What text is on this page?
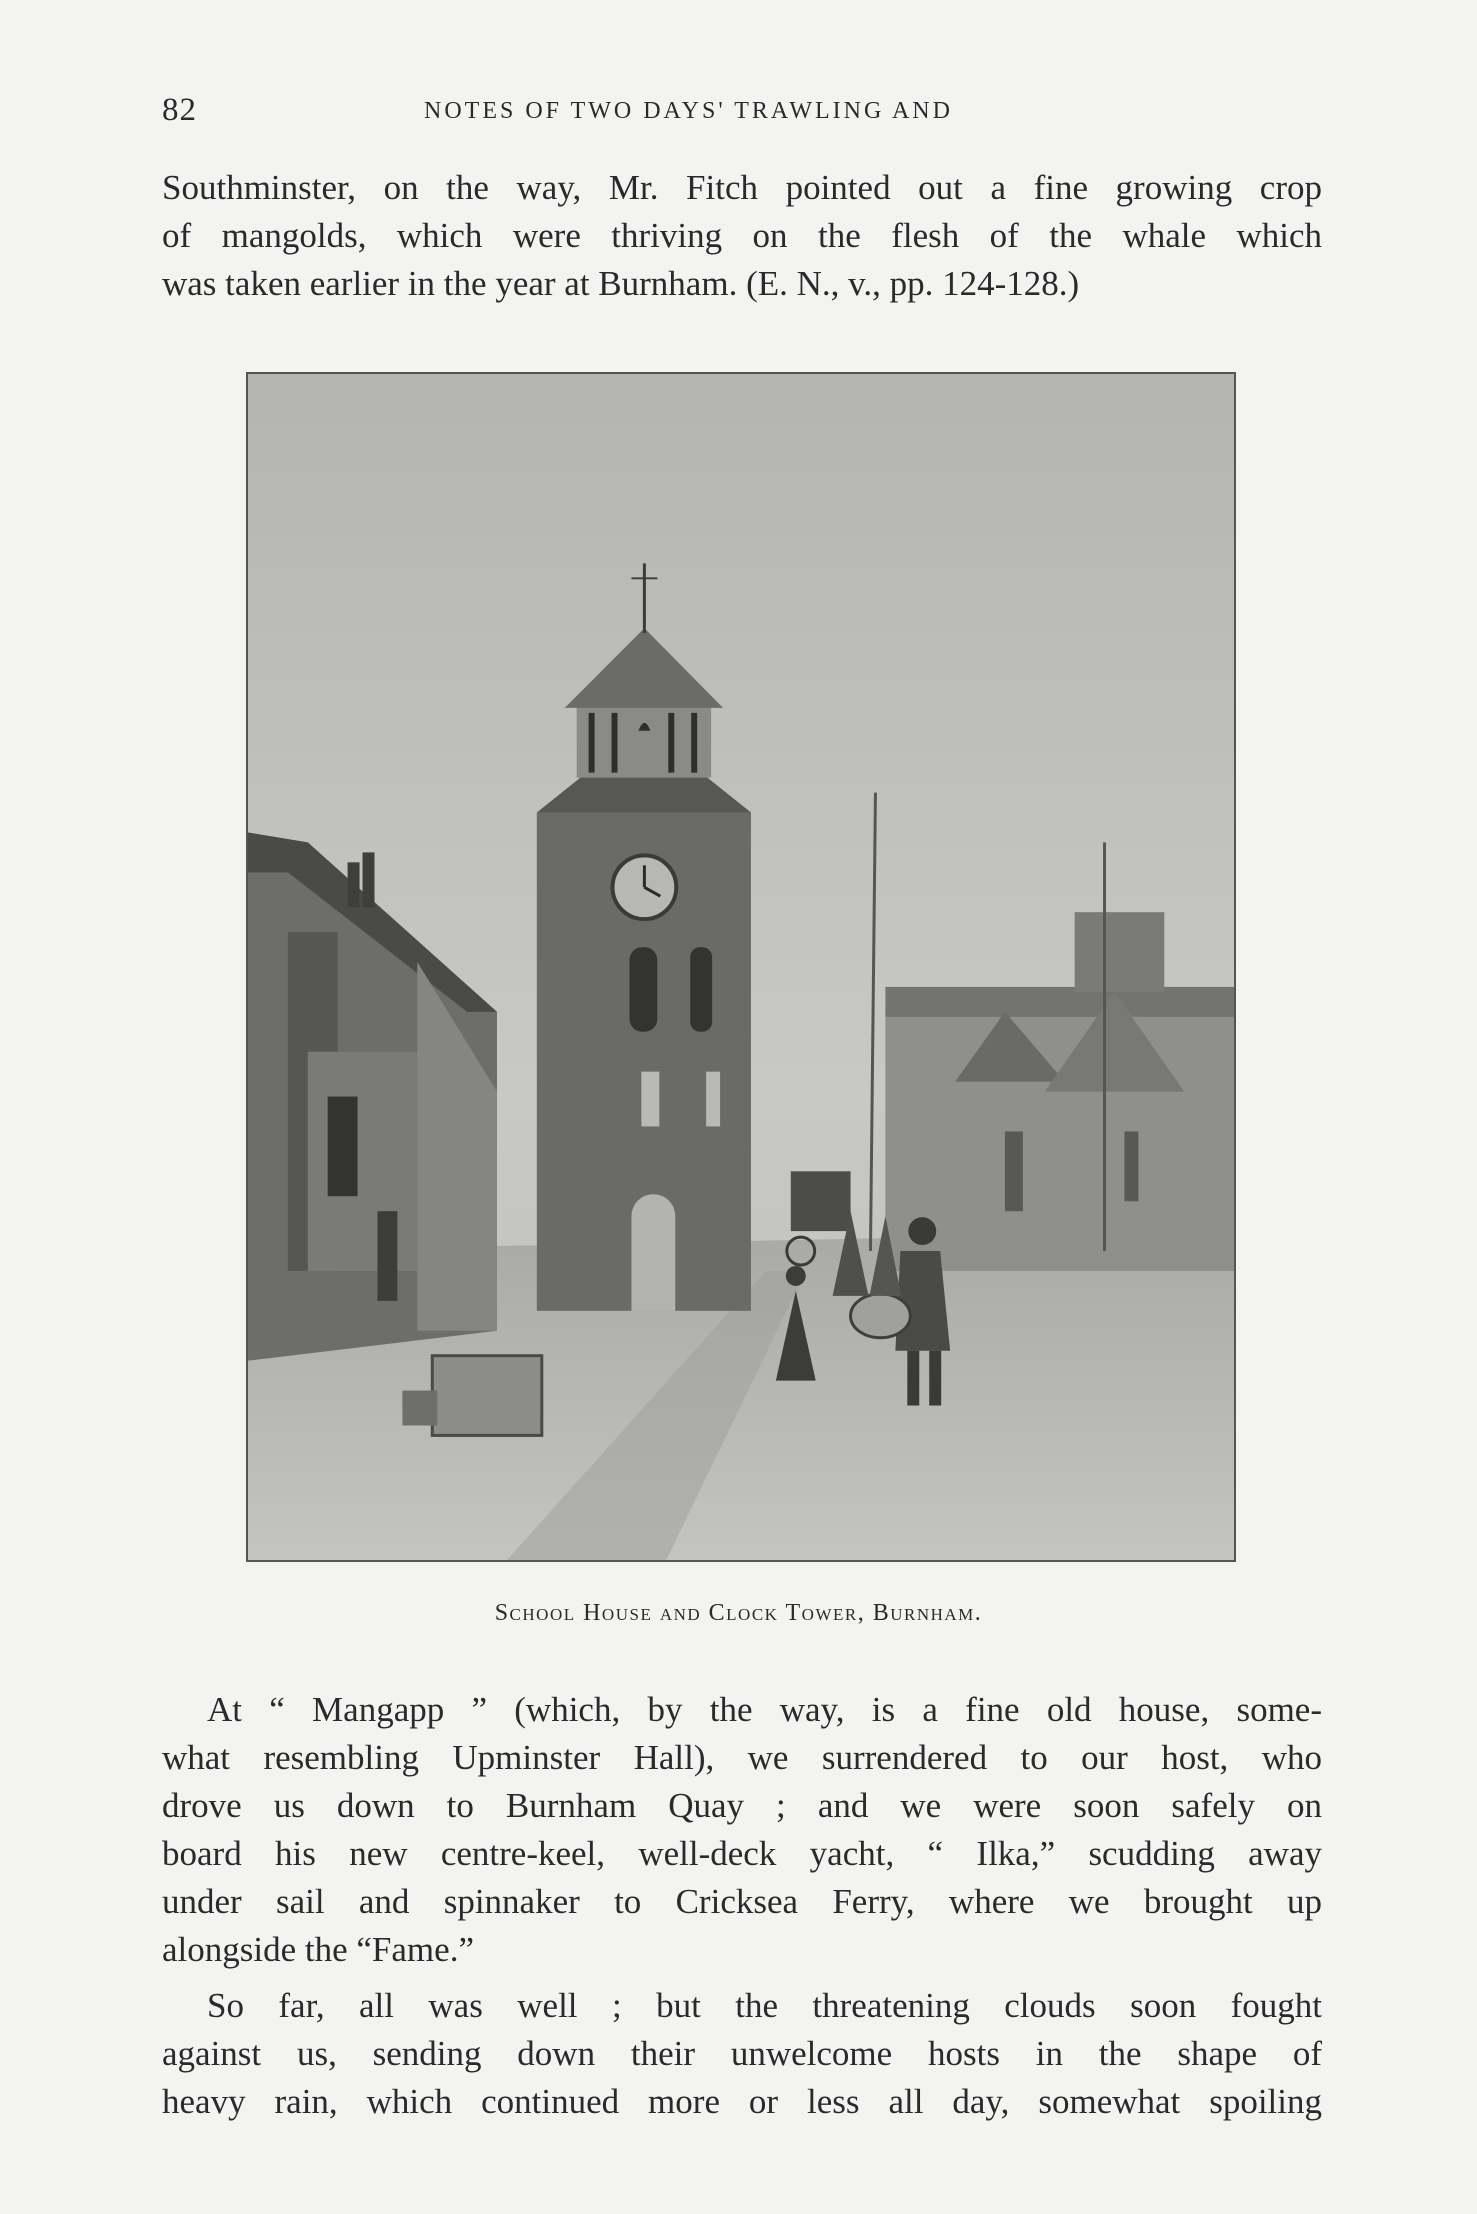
82	NOTES OF TWO DAYS' TRAWLING AND
Southminster, on the way, Mr. Fitch pointed out a fine growing crop
of mangolds, which were thriving on the flesh of the whale which
was taken earlier in the year at Burnham. (E. N., v., pp. 124-128.)
School House and Clock Tower, Burnham.
At “ Mangapp ” (which, by the way, is a fine old house, some-
what resembling Upminster Hall), we surrendered to our host, who
drove us down to Burnham Quay ; and we were soon safely on
board his new centre-keel, well-deck yacht, “ Ilka,” scudding away
under sail and spinnaker to Cricksea Ferry, where we brought up
alongside the “Fame.”
So far, all was well ; but the threatening clouds soon fought
against us, sending down their unwelcome hosts in the shape of
heavy rain, which continued more or less all day, somewhat spoiling
